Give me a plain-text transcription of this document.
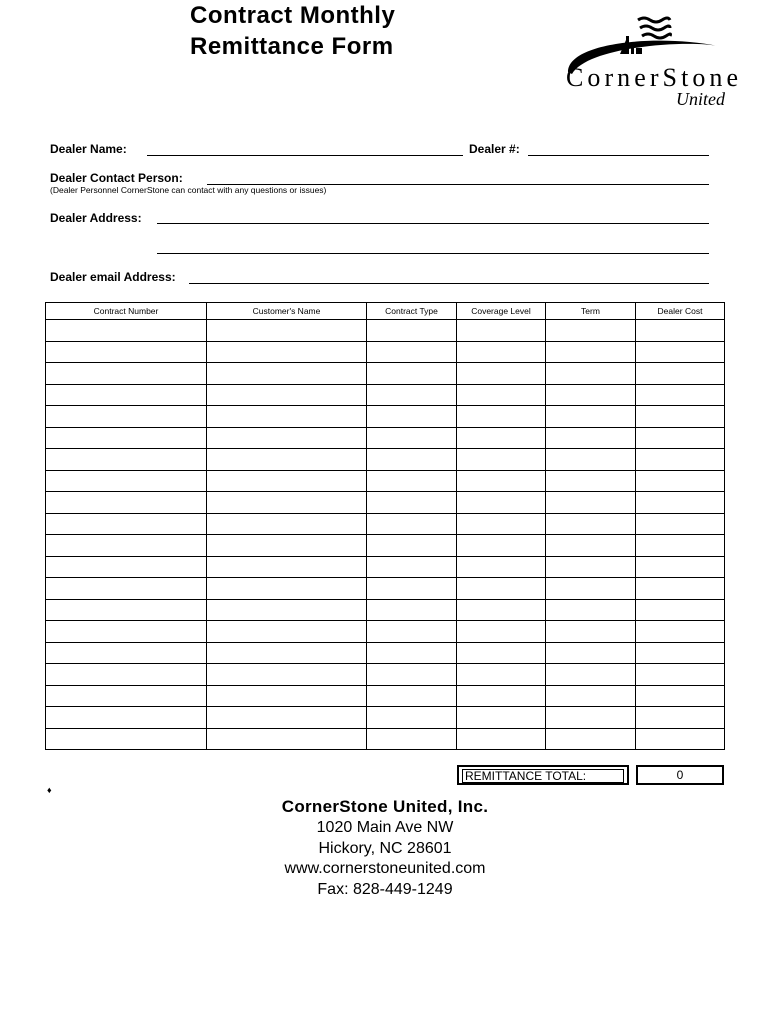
Contract Monthly
Remittance Form
CornerStone
United
Dealer Name:	Dealer #:
Dealer Contact Person:
(Dealer Personnel CornerStone can contact with any questions or issues)
Dealer Address:
Dealer email Address:
Contract Number	Customer's Name	Contract Type	Coverage Level	Term	Dealer Cost

REMITTANCE TOTAL:	0
♦
CornerStone United, Inc.
1020 Main Ave NW
Hickory, NC 28601
www.cornerstoneunited.com
Fax: 828-449-1249
